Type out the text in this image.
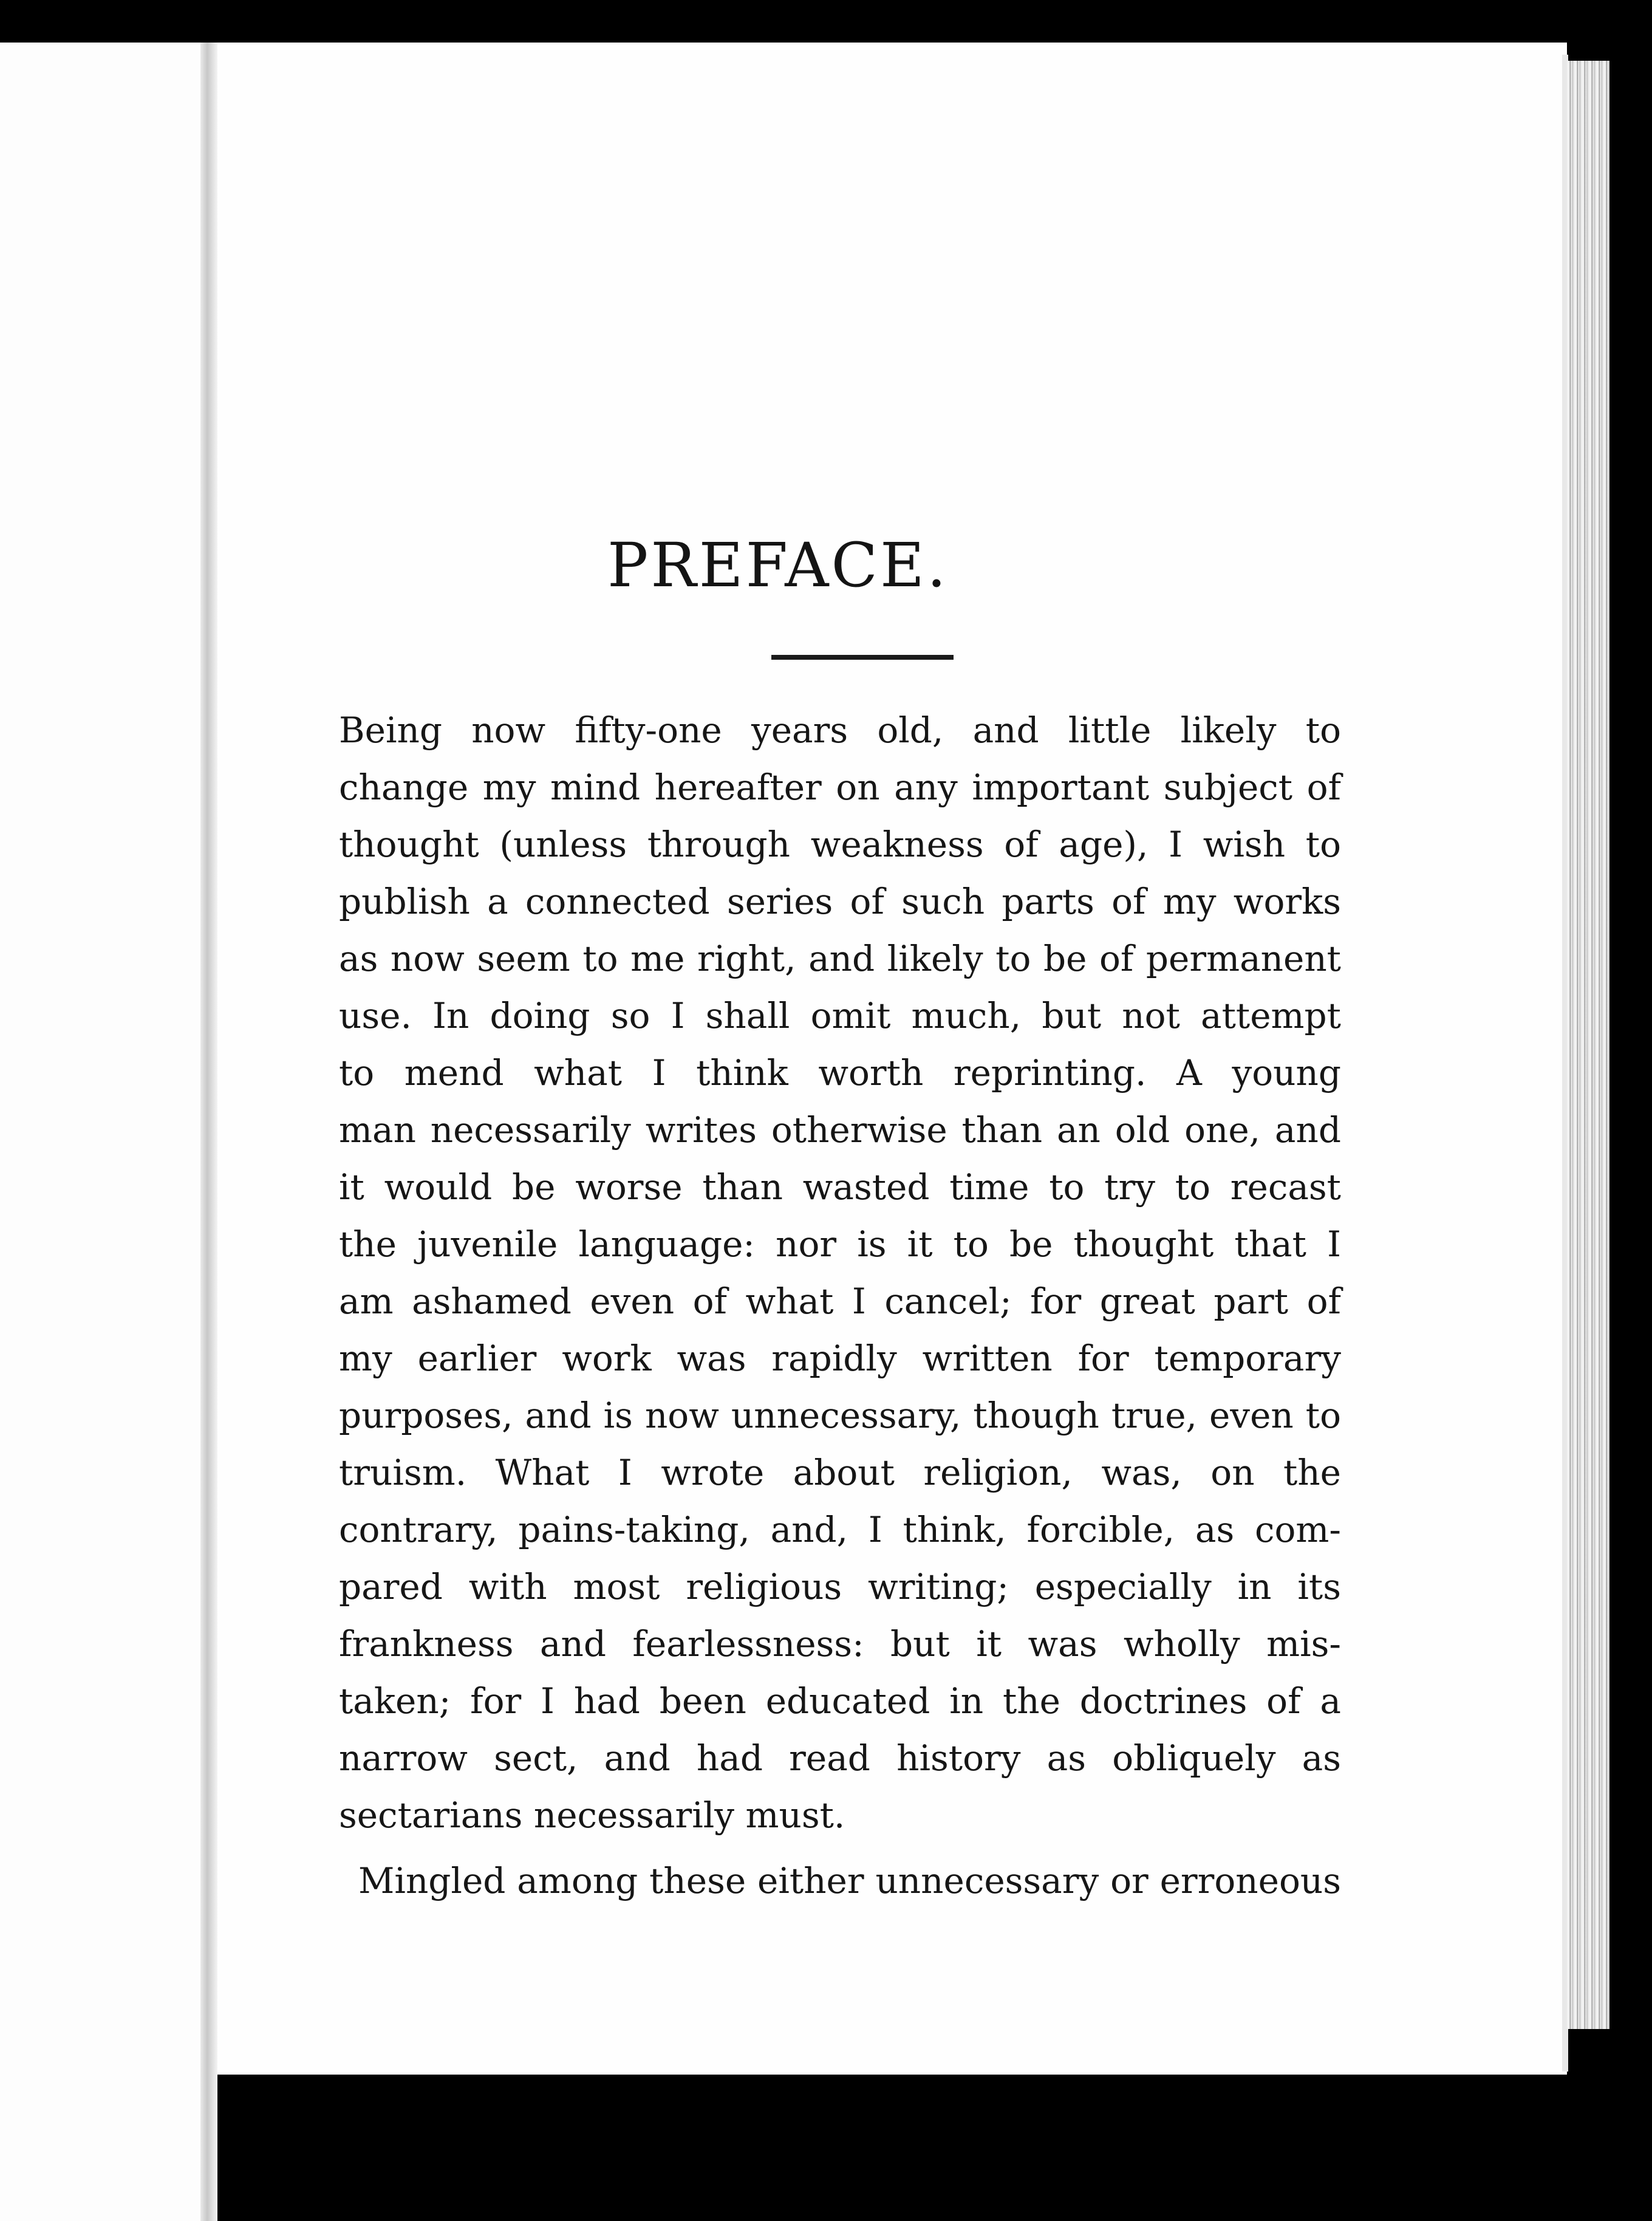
PREFACE.

Being now fifty-one years old, and little likely to
change my mind hereafter on any important subject of
thought (unless through weakness of age), I wish to
publish a connected series of such parts of my works
as now seem to me right, and likely to be of permanent
use. In doing so I shall omit much, but not attempt
to mend what I think worth reprinting. A young
man necessarily writes otherwise than an old one, and
it would be worse than wasted time to try to recast
the juvenile language: nor is it to be thought that I
am ashamed even of what I cancel; for great part of
my earlier work was rapidly written for temporary
purposes, and is now unnecessary, though true, even to
truism. What I wrote about religion, was, on the
contrary, pains-taking, and, I think, forcible, as com-
pared with most religious writing; especially in its
frankness and fearlessness: but it was wholly mis-
taken; for I had been educated in the doctrines of a
narrow sect, and had read history as obliquely as
sectarians necessarily must.

Mingled among these either unnecessary or erroneous
